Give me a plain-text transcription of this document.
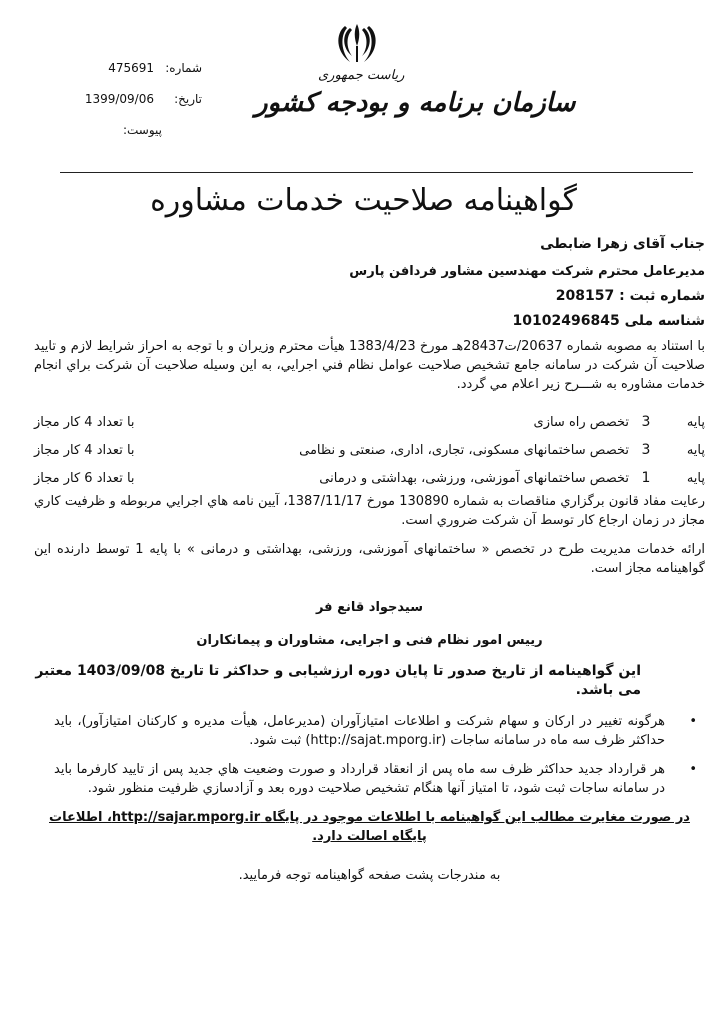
شماره:
475691
تاریخ:
1399/09/06
پیوست:
ریاست جمهوری
سازمان برنامه و بودجه کشور
گواهینامه صلاحیت خدمات مشاوره

جناب آقای زهرا ضابطی

مدیرعامل محترم شرکت مهندسین مشاور فردافن پارس

شماره ثبت : 208157

شناسه ملی 10102496845

با استناد به مصوبه شماره 20637/ت28437هـ مورخ 1383/4/23 هيأت محترم وزيران و با توجه به احراز شرايط لازم و تاييد صلاحيت آن شرکت در سامانه جامع تشخيص صلاحيت عوامل نظام فني اجرايي، به اين وسيله صلاحيت آن شرکت براي انجام خدمات مشاوره به شـــرح زير اعلام مي گردد.

پایه
3
تخصص راه سازی
با تعداد 4 کار مجاز
پایه
3
تخصص ساختمانهای مسکونی، تجاری، اداری، صنعتی و نظامی
با تعداد 4 کار مجاز
پایه
1
تخصص ساختمانهای آموزشی، ورزشی، بهداشتی و درمانی
با تعداد 6 کار مجاز

رعايت مفاد قانون برگزاري مناقصات به شماره 130890 مورخ 1387/11/17، آيين نامه هاي اجرايي مربوطه و ظرفيت کاري مجاز در زمان ارجاع کار توسط آن شرکت ضروري است.

ارائه خدمات مدیریت طرح در تخصص « ساختمانهای آموزشی، ورزشی، بهداشتی و درمانی » با پایه 1 توسط دارنده این گواهینامه مجاز است.

سیدجواد قانع فر

رییس امور نظام فنی و اجرایی، مشاوران و پیمانکاران

این گواهینامه از تاریخ صدور تا پایان دوره ارزشیابی و حداکثر تا تاریخ 1403/09/08 معتبر می باشد.

•
هرگونه تغيير در ارکان و سهام شرکت و اطلاعات امتيازآوران (مديرعامل، هيأت مديره و کارکنان امتيازآور)، بايد حداکثر ظرف سه ماه در سامانه ساجات (http://sajat.mporg.ir) ثبت شود.
•
هر قرارداد جديد حداکثر ظرف سه ماه پس از انعقاد قرارداد و صورت وضعيت هاي جديد پس از تاييد کارفرما بايد در سامانه ساجات ثبت شود، تا امتياز آنها هنگام تشخيص صلاحيت دوره بعد و آزادسازي ظرفيت منظور شود.

در صورت مغايرت مطالب اين گواهينامه با اطلاعات موجود در پايگاه http://sajar.mporg.ir، اطلاعات پايگاه اصالت دارد.

به مندرجات پشت صفحه گواهینامه توجه فرمایید.
